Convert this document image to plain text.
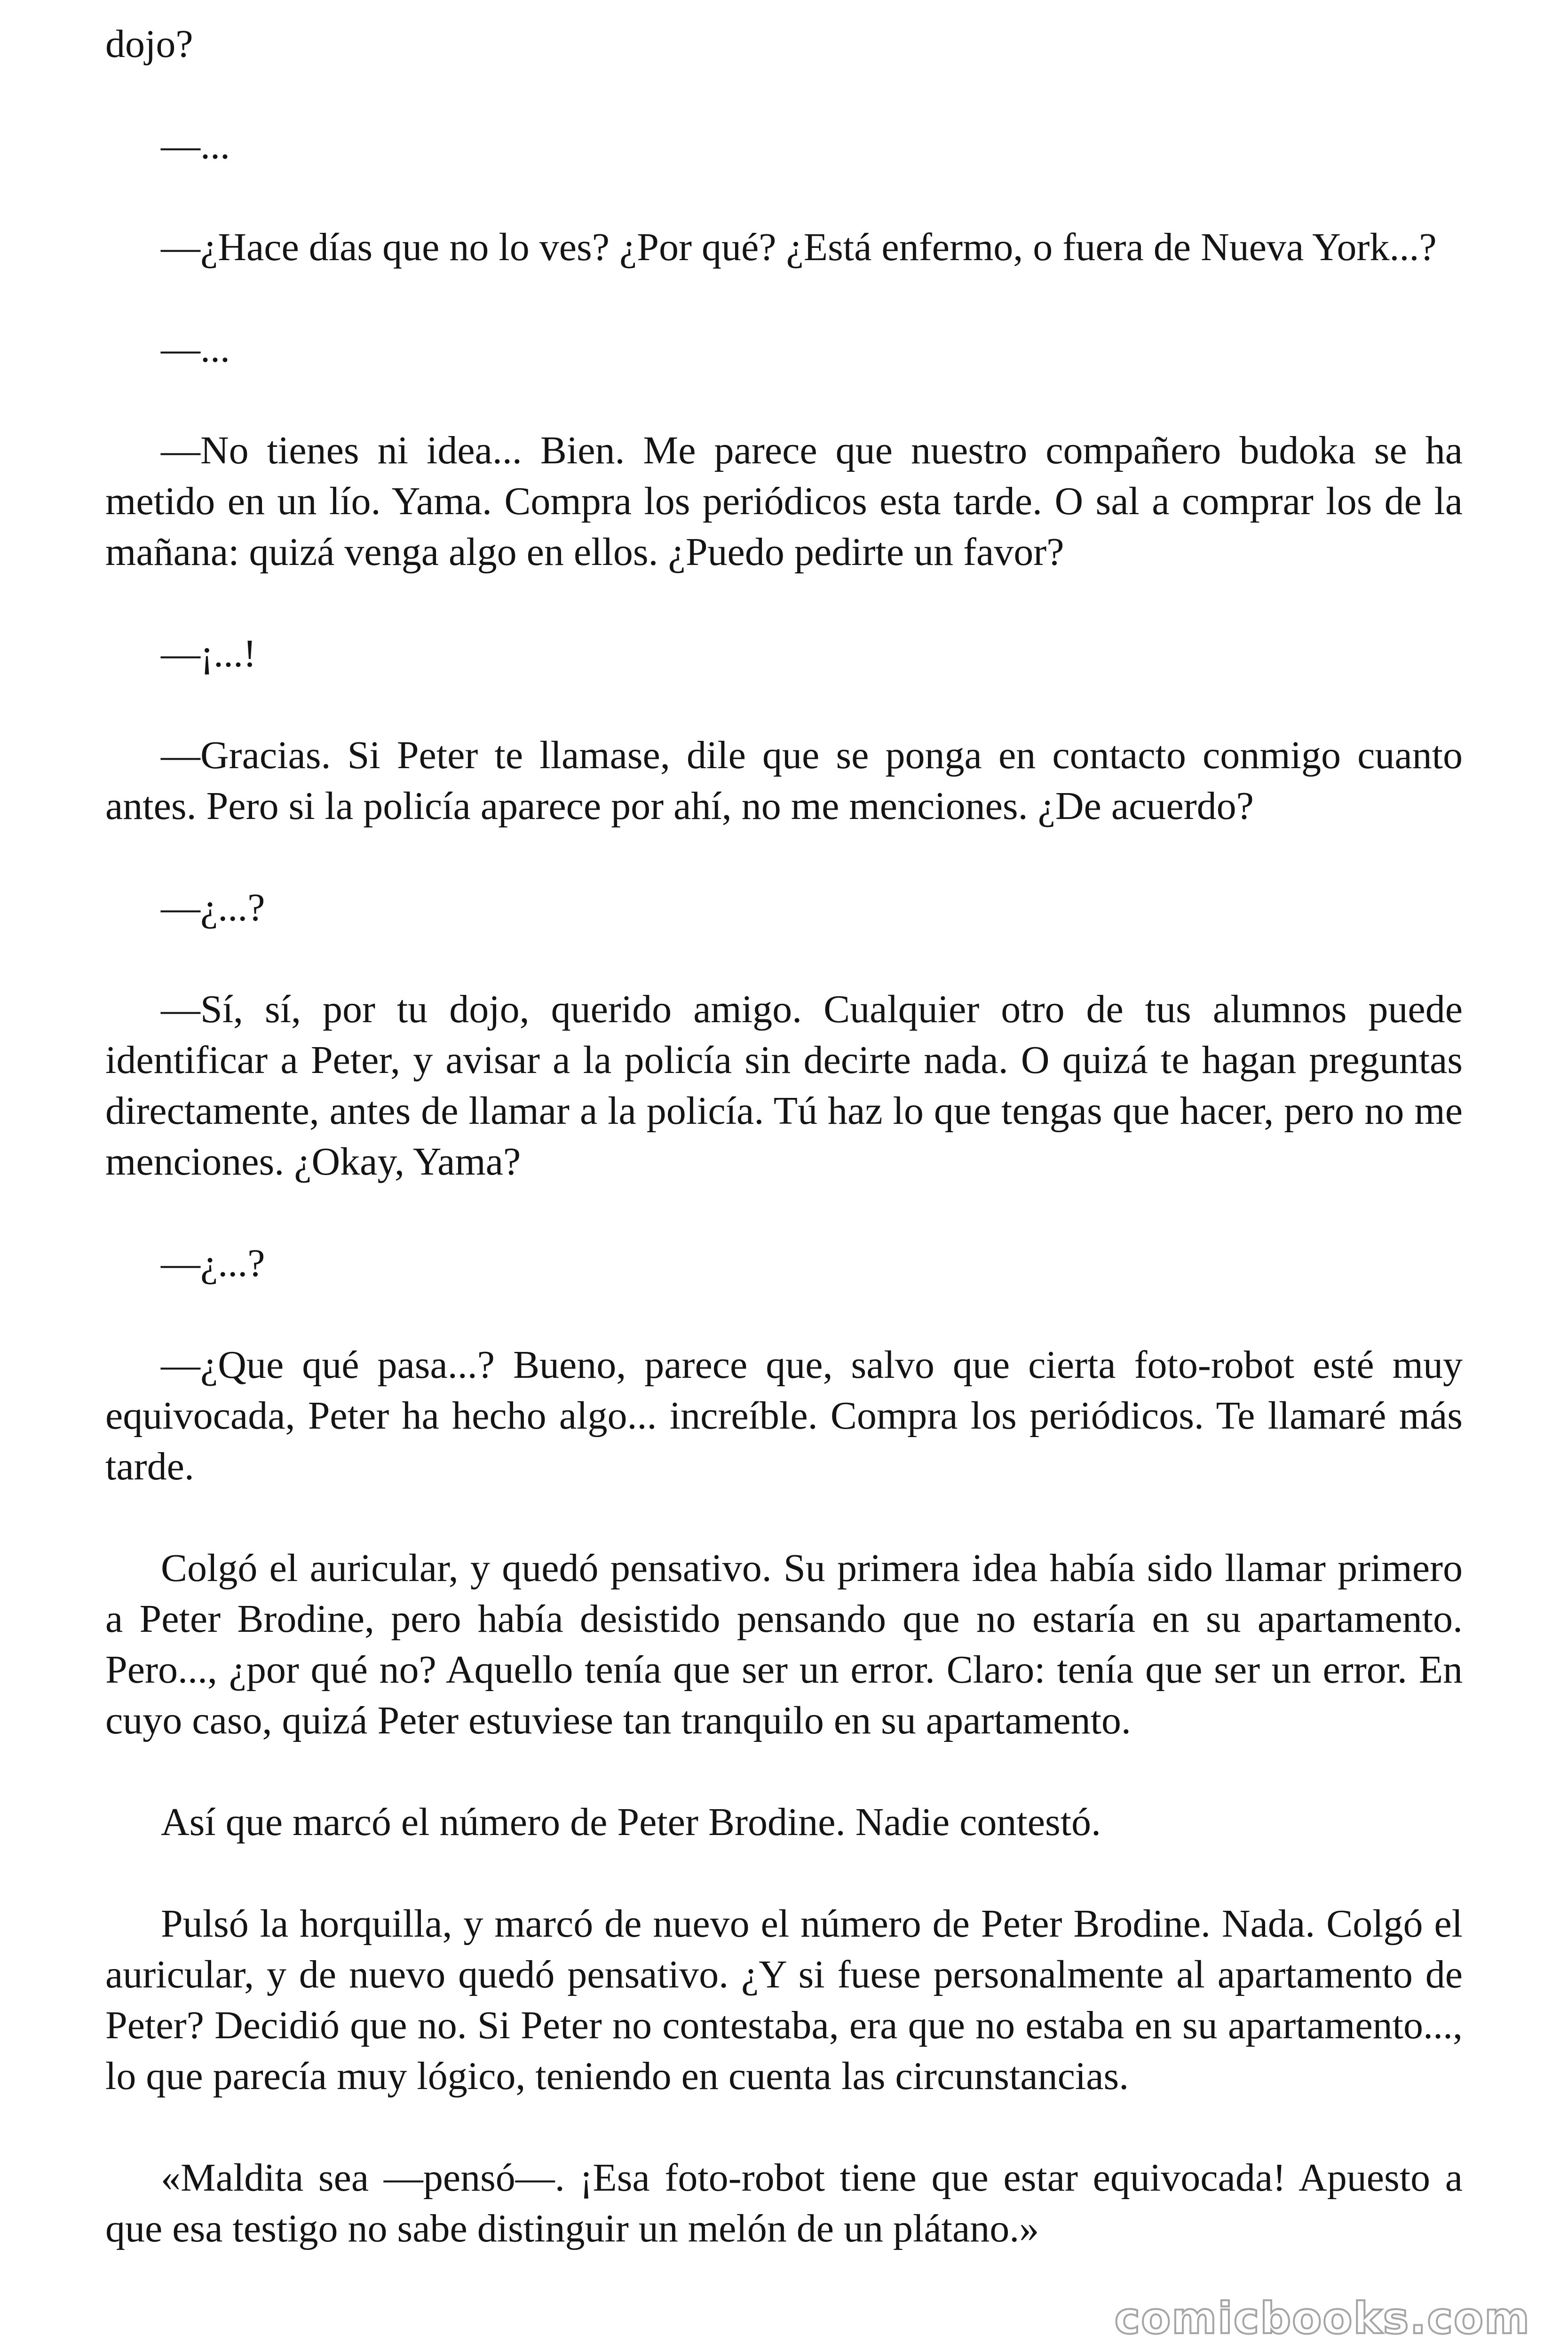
dojo?

—...

—¿Hace días que no lo ves? ¿Por qué? ¿Está enfermo, o fuera de Nueva York...?

—...

—No tienes ni idea... Bien. Me parece que nuestro compañero budoka se ha metido en un lío. Yama. Compra los periódicos esta tarde. O sal a comprar los de la mañana: quizá venga algo en ellos. ¿Puedo pedirte un favor?

—¡...!

—Gracias. Si Peter te llamase, dile que se ponga en contacto conmigo cuanto antes. Pero si la policía aparece por ahí, no me menciones. ¿De acuerdo?

—¿...?

—Sí, sí, por tu dojo, querido amigo. Cualquier otro de tus alumnos puede identificar a Peter, y avisar a la policía sin decirte nada. O quizá te hagan preguntas directamente, antes de llamar a la policía. Tú haz lo que tengas que hacer, pero no me menciones. ¿Okay, Yama?

—¿...?

—¿Que qué pasa...? Bueno, parece que, salvo que cierta foto-robot esté muy equivocada, Peter ha hecho algo... increíble. Compra los periódicos. Te llamaré más tarde.

Colgó el auricular, y quedó pensativo. Su primera idea había sido llamar primero a Peter Brodine, pero había desistido pensando que no estaría en su apartamento. Pero..., ¿por qué no? Aquello tenía que ser un error. Claro: tenía que ser un error. En cuyo caso, quizá Peter estuviese tan tranquilo en su apartamento.

Así que marcó el número de Peter Brodine. Nadie contestó.

Pulsó la horquilla, y marcó de nuevo el número de Peter Brodine. Nada. Colgó el auricular, y de nuevo quedó pensativo. ¿Y si fuese personalmente al apartamento de Peter? Decidió que no. Si Peter no contestaba, era que no estaba en su apartamento..., lo que parecía muy lógico, teniendo en cuenta las circunstancias.

«Maldita sea —pensó—. ¡Esa foto-robot tiene que estar equivocada! Apuesto a que esa testigo no sabe distinguir un melón de un plátano.»

comicbooks.com
